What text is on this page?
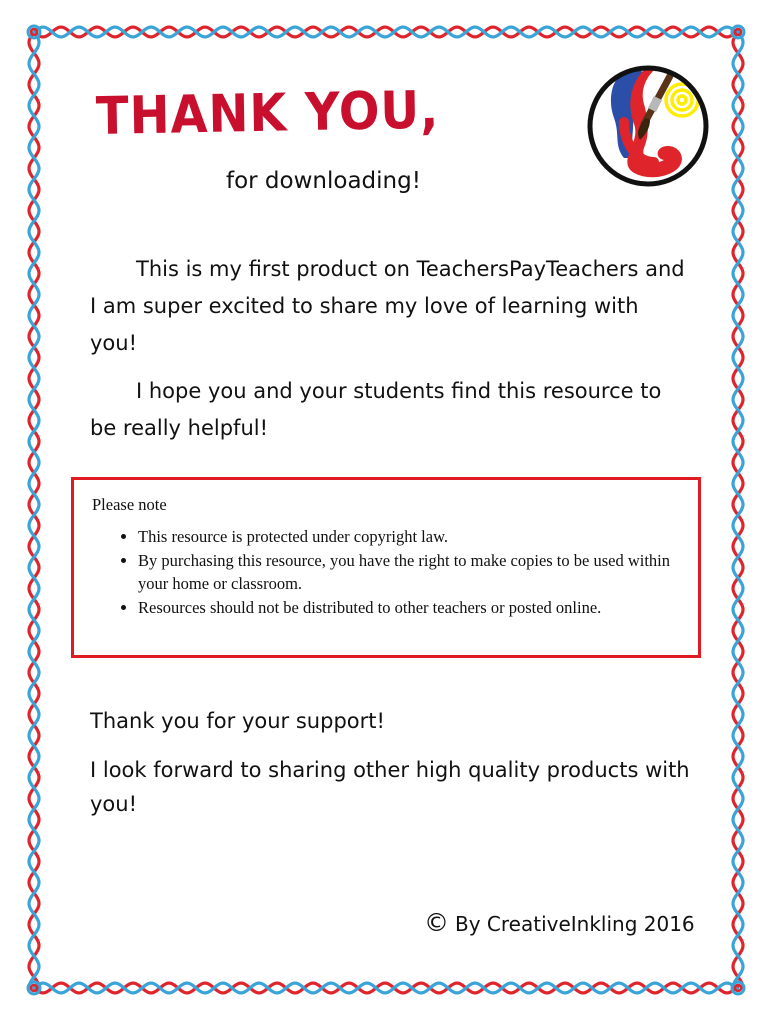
THANK YOU,
for downloading!

This is my first product on TeachersPayTeachers and I am super excited to share my love of learning with you!

I hope you and your students find this resource to be really helpful!

Please note
• This resource is protected under copyright law.
• By purchasing this resource, you have the right to make copies to be used within your home or classroom.
• Resources should not be distributed to other teachers or posted online.

Thank you for your support!

I look forward to sharing other high quality products with you!

© By CreativeInkling 2016
